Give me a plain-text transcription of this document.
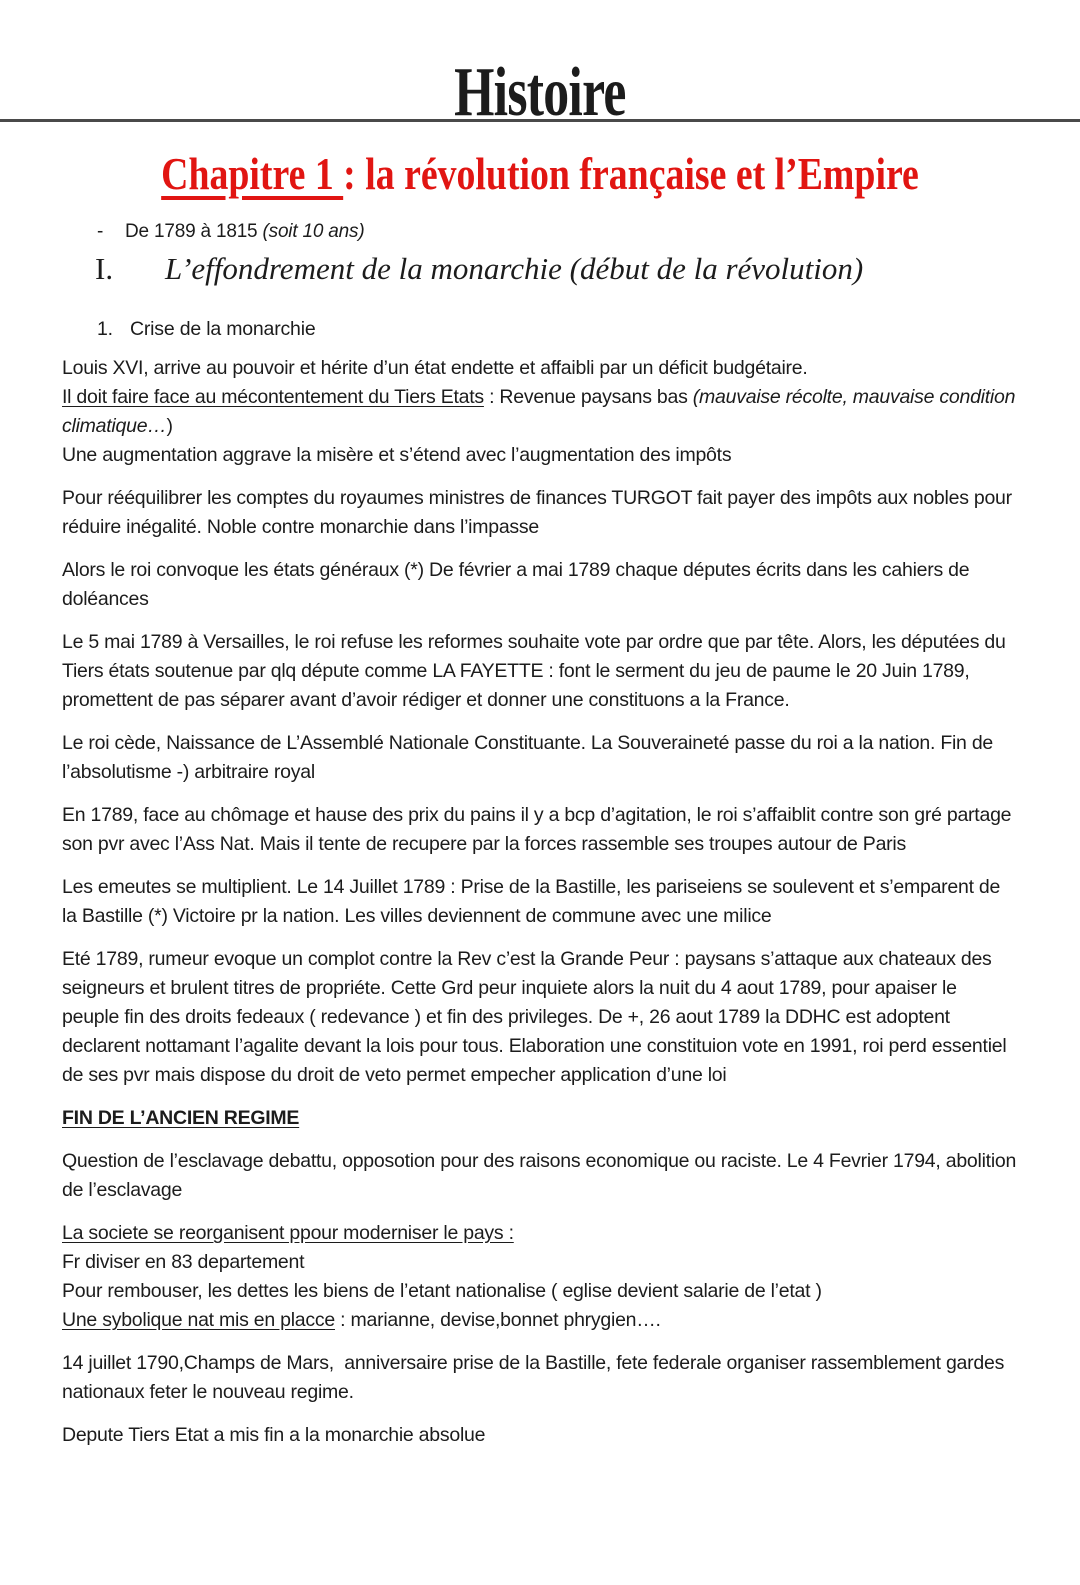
Histoire
Chapitre 1 : la révolution française et l’Empire
- De 1789 à 1815 (soit 10 ans)
I. L’effondrement de la monarchie (début de la révolution)
1. Crise de la monarchie

Louis XVI, arrive au pouvoir et hérite d’un état endette et affaibli par un déficit budgétaire.

Il doit faire face au mécontentement du Tiers Etats : Revenue paysans bas (mauvaise récolte, mauvaise condition climatique…)

Une augmentation aggrave la misère et s’étend avec l’augmentation des impôts

Pour rééquilibrer les comptes du royaumes ministres de finances TURGOT fait payer des impôts aux nobles pour réduire inégalité. Noble contre monarchie dans l’impasse

Alors le roi convoque les états généraux (*) De février a mai 1789 chaque députes écrits dans les cahiers de doléances

Le 5 mai 1789 à Versailles, le roi refuse les reformes souhaite vote par ordre que par tête. Alors, les députées du Tiers états soutenue par qlq députe comme LA FAYETTE : font le serment du jeu de paume le 20 Juin 1789, promettent de pas séparer avant d’avoir rédiger et donner une constituons a la France.

Le roi cède, Naissance de L’Assemblé Nationale Constituante. La Souveraineté passe du roi a la nation. Fin de l’absolutisme -) arbitraire royal

En 1789, face au chômage et hause des prix du pains il y a bcp d’agitation, le roi s’affaiblit contre son gré partage son pvr avec l’Ass Nat. Mais il tente de recupere par la forces rassemble ses troupes autour de Paris

Les emeutes se multiplient. Le 14 Juillet 1789 : Prise de la Bastille, les pariseiens se soulevent et s’emparent de la Bastille (*) Victoire pr la nation. Les villes deviennent de commune avec une milice

Eté 1789, rumeur evoque un complot contre la Rev c’est la Grande Peur : paysans s’attaque aux chateaux des seigneurs et brulent titres de propriéte. Cette Grd peur inquiete alors la nuit du 4 aout 1789, pour apaiser le peuple fin des droits fedeaux ( redevance ) et fin des privileges. De +, 26 aout 1789 la DDHC est adoptent declarent nottamant l’agalite devant la lois pour tous. Elaboration une constituion vote en 1991, roi perd essentiel de ses pvr mais dispose du droit de veto permet empecher application d’une loi

FIN DE L’ANCIEN REGIME

Question de l’esclavage debattu, opposotion pour des raisons economique ou raciste. Le 4 Fevrier 1794, abolition de l’esclavage

La societe se reorganisent ppour moderniser le pays :

Fr diviser en 83 departement

Pour rembouser, les dettes les biens de l’etant nationalise ( eglise devient salarie de l’etat )

Une sybolique nat mis en placce : marianne, devise,bonnet phrygien….

14 juillet 1790,Champs de Mars,  anniversaire prise de la Bastille, fete federale organiser rassemblement gardes nationaux feter le nouveau regime.

Depute Tiers Etat a mis fin a la monarchie absolue
